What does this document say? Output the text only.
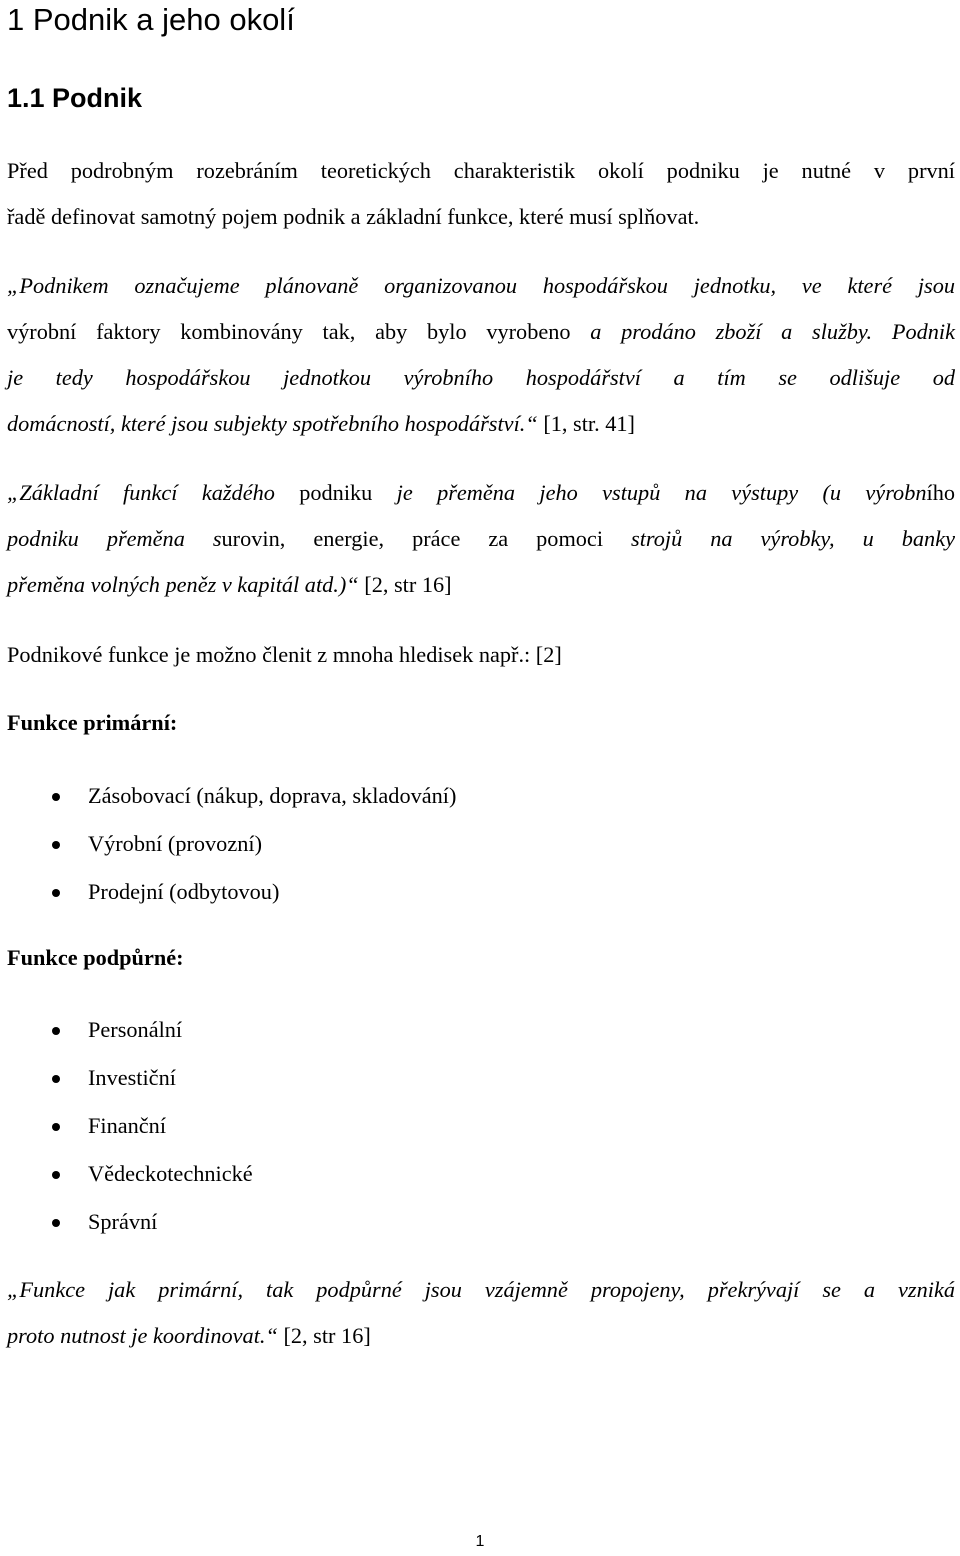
1 Podnik a jeho okolí
1.1 Podnik
Před podrobným rozebráním teoretických charakteristik okolí podniku je nutné v první
řadě definovat samotný pojem podnik a základní funkce, které musí splňovat.
„Podnikem označujeme plánovaně organizovanou hospodářskou jednotku, ve které jsou
výrobní faktory kombinovány tak, aby bylo vyrobeno a prodáno zboží a služby. Podnik
je tedy hospodářskou jednotkou výrobního hospodářství a tím se odlišuje od
domácností, které jsou subjekty spotřebního hospodářství.“ [1, str. 41]
„Základní funkcí každého podniku je přeměna jeho vstupů na výstupy (u výrobního
podniku přeměna surovin, energie, práce za pomoci strojů na výrobky, u banky
přeměna volných peněz v kapitál atd.)“ [2, str 16]
Podnikové funkce je možno členit z mnoha hledisek např.: [2]
Funkce primární:
Zásobovací (nákup, doprava, skladování)
Výrobní (provozní)
Prodejní (odbytovou)
Funkce podpůrné:
Personální
Investiční
Finanční
Vědeckotechnické
Správní
„Funkce jak primární, tak podpůrné jsou vzájemně propojeny, překrývají se a vzniká
proto nutnost je koordinovat.“ [2, str 16]
1
